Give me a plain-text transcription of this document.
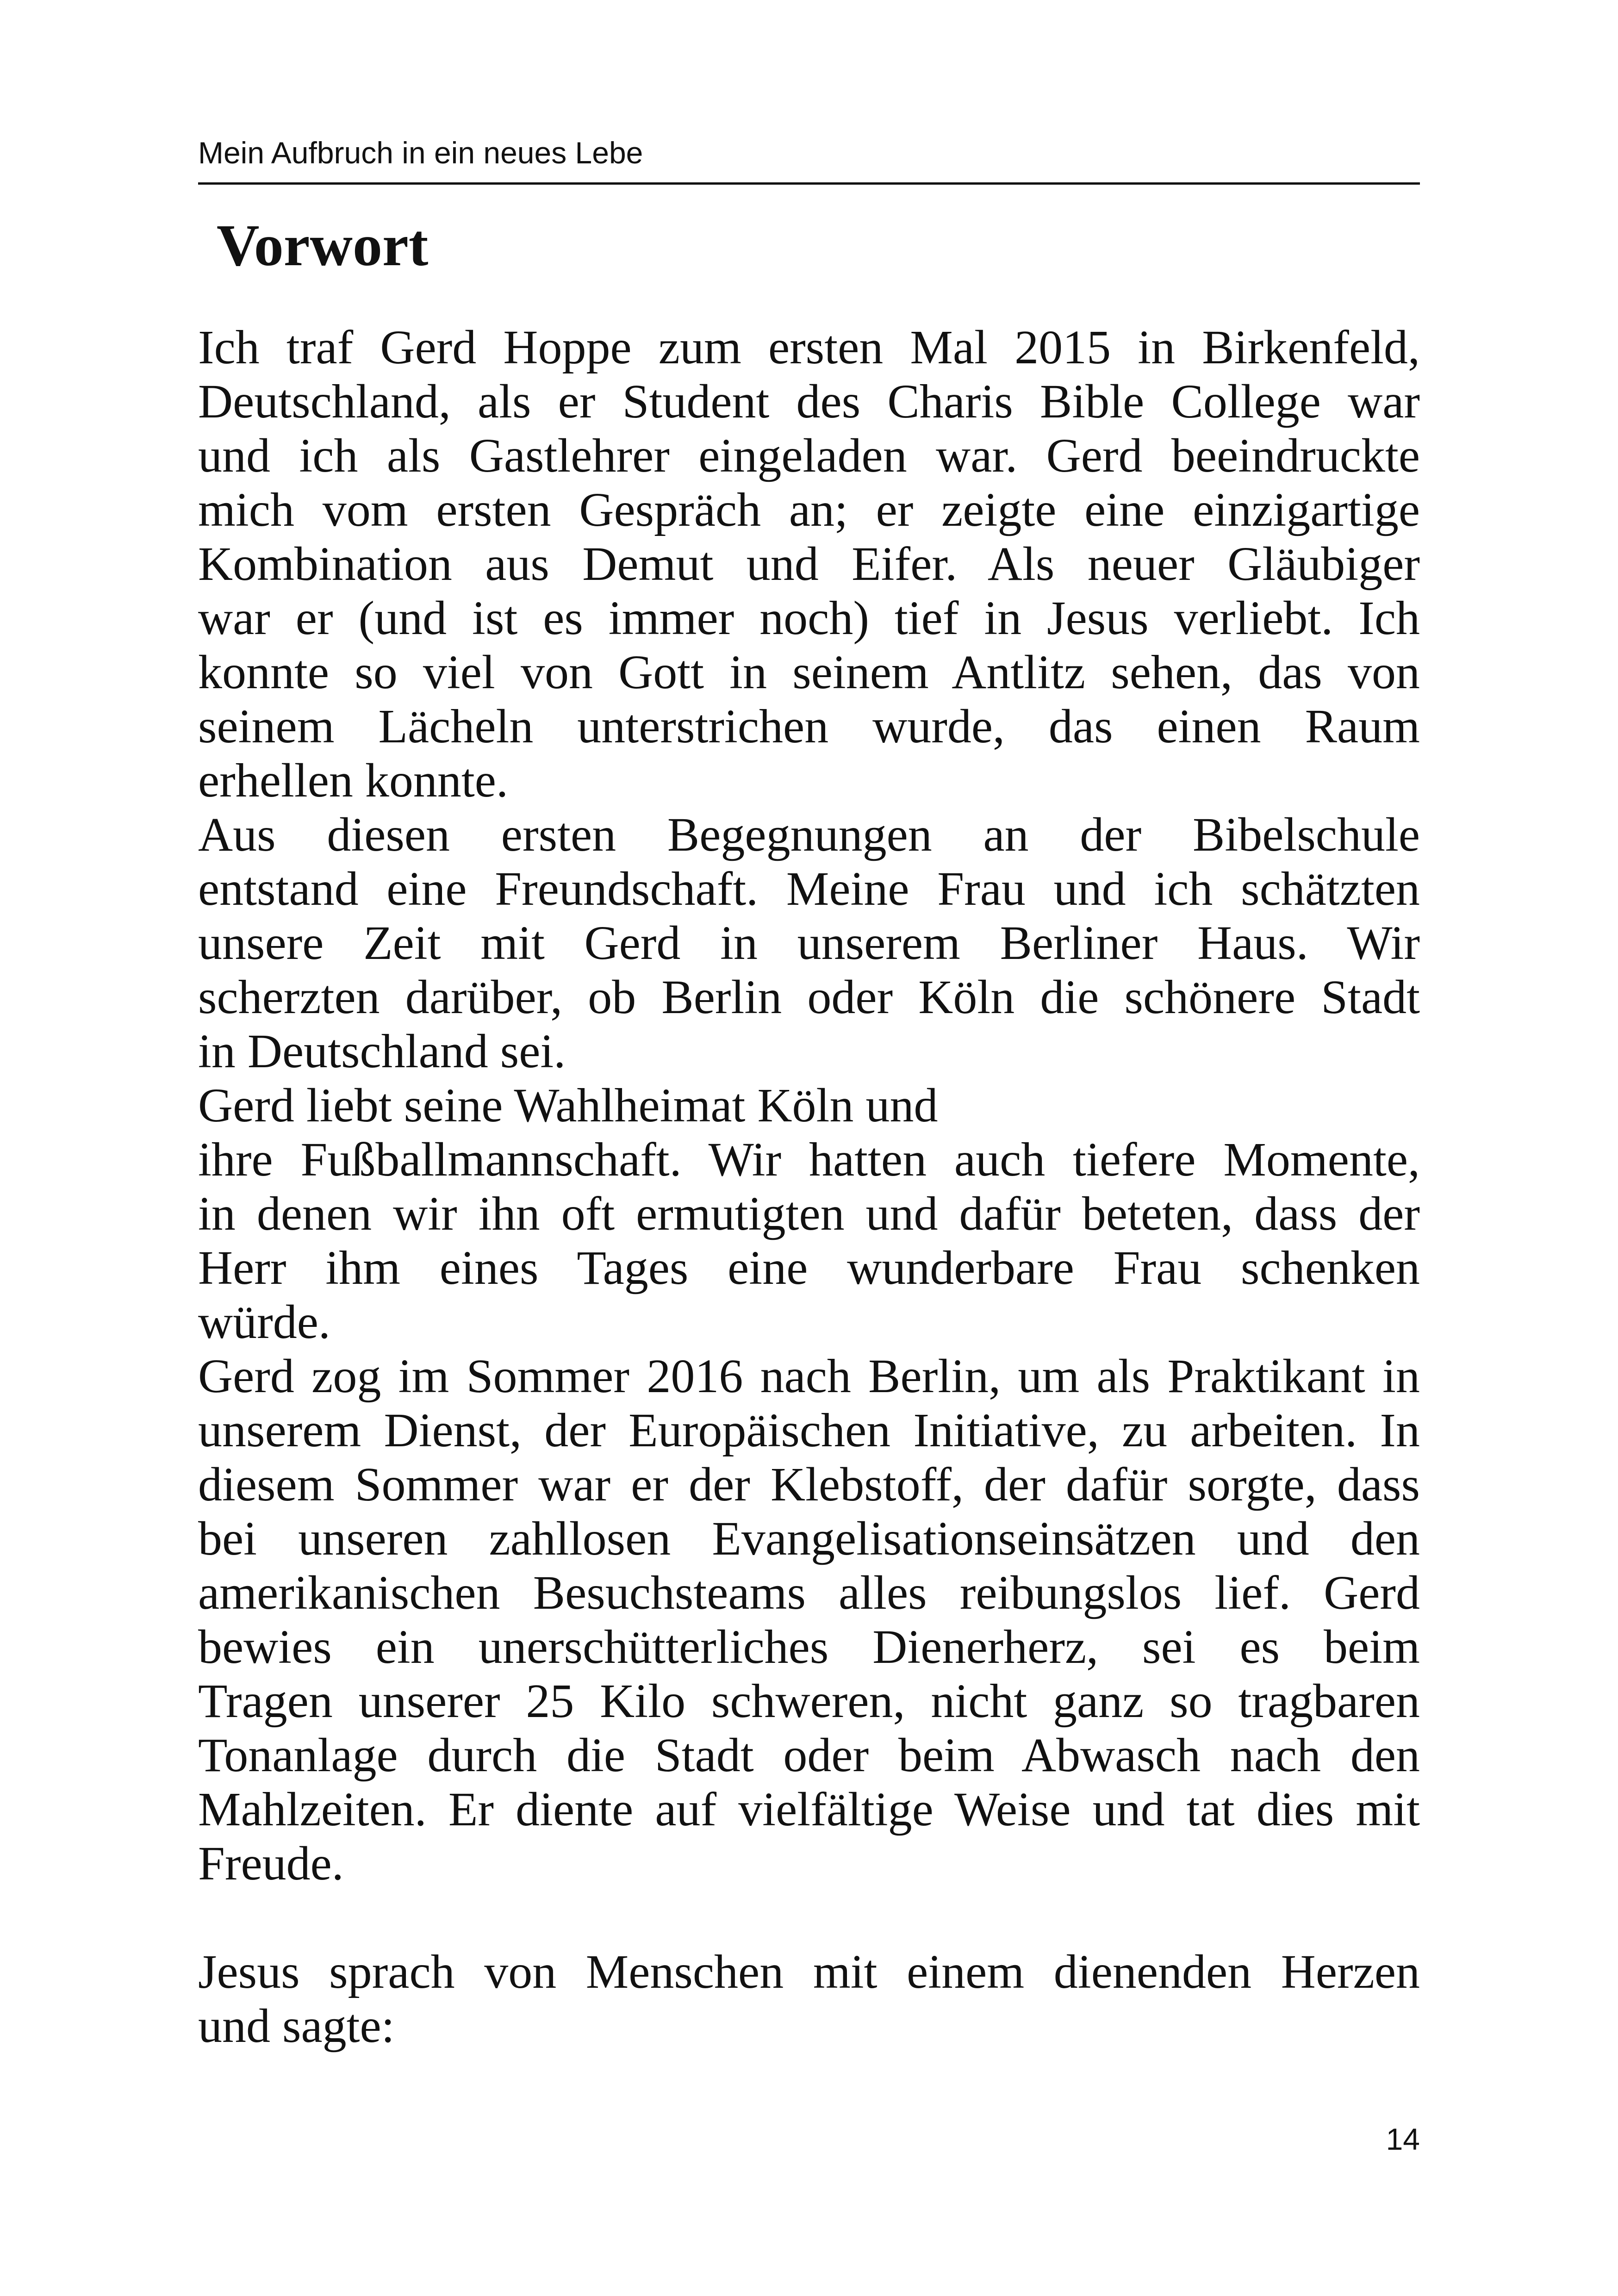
Mein Aufbruch in ein neues Lebe
Vorwort
Ich traf Gerd Hoppe zum ersten Mal 2015 in Birkenfeld,
Deutschland, als er Student des Charis Bible College war
und ich als Gastlehrer eingeladen war. Gerd beeindruckte
mich vom ersten Gespräch an; er zeigte eine einzigartige
Kombination aus Demut und Eifer. Als neuer Gläubiger
war er (und ist es immer noch) tief in Jesus verliebt. Ich
konnte so viel von Gott in seinem Antlitz sehen, das von
seinem Lächeln unterstrichen wurde, das einen Raum
erhellen konnte.
Aus diesen ersten Begegnungen an der Bibelschule
entstand eine Freundschaft. Meine Frau und ich schätzten
unsere Zeit mit Gerd in unserem Berliner Haus. Wir
scherzten darüber, ob Berlin oder Köln die schönere Stadt
in Deutschland sei.
Gerd liebt seine Wahlheimat Köln und
ihre Fußballmannschaft. Wir hatten auch tiefere Momente,
in denen wir ihn oft ermutigten und dafür beteten, dass der
Herr ihm eines Tages eine wunderbare Frau schenken
würde.
Gerd zog im Sommer 2016 nach Berlin, um als Praktikant in
unserem Dienst, der Europäischen Initiative, zu arbeiten. In
diesem Sommer war er der Klebstoff, der dafür sorgte, dass
bei unseren zahllosen Evangelisationseinsätzen und den
amerikanischen Besuchsteams alles reibungslos lief. Gerd
bewies ein unerschütterliches Dienerherz, sei es beim
Tragen unserer 25 Kilo schweren, nicht ganz so tragbaren
Tonanlage durch die Stadt oder beim Abwasch nach den
Mahlzeiten. Er diente auf vielfältige Weise und tat dies mit
Freude.
Jesus sprach von Menschen mit einem dienenden Herzen
und sagte:
14
